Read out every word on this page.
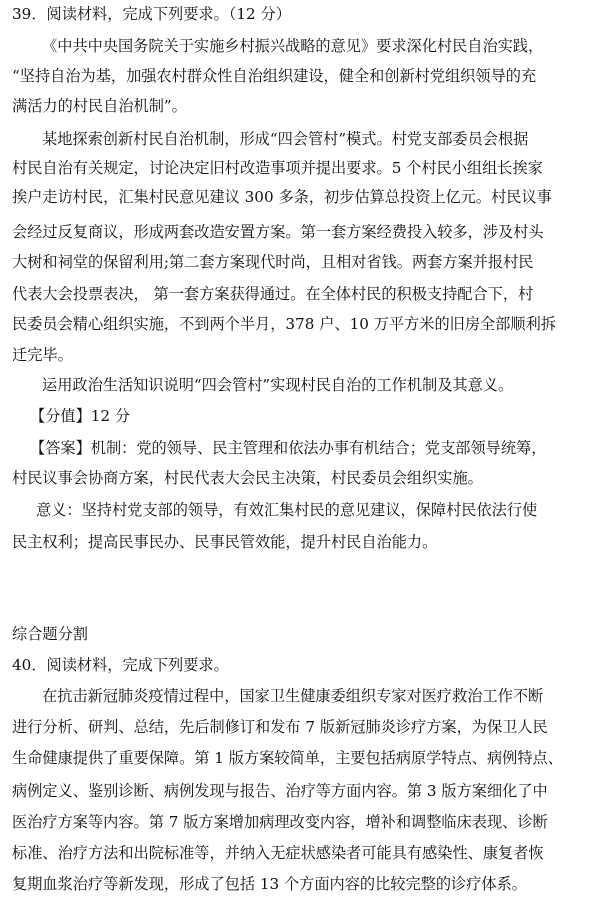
39．阅读材料，完成下列要求。（12 分）
《中共中央国务院关于实施乡村振兴战略的意见》要求深化村民自治实践，
“坚持自治为基，加强农村群众性自治组织建设，健全和创新村党组织领导的充
满活力的村民自治机制”。
某地探索创新村民自治机制，形成“四会管村”模式。村党支部委员会根据
村民自治有关规定，讨论决定旧村改造事项并提出要求。5 个村民小组组长挨家
挨户走访村民，汇集村民意见建议 300 多条，初步估算总投资上亿元。村民议事
会经过反复商议，形成两套改造安置方案。第一套方案经费投入较多，涉及村头
大树和祠堂的保留利用;第二套方案现代时尚，且相对省钱。两套方案并报村民
代表大会投票表决， 第一套方案获得通过。在全体村民的积极支持配合下，村
民委员会精心组织实施，不到两个半月，378 户、10 万平方米的旧房全部顺利拆
迁完毕。
运用政治生活知识说明“四会管村”实现村民自治的工作机制及其意义。
【分值】12 分
【答案】机制：党的领导、民主管理和依法办事有机结合；党支部领导统筹，
村民议事会协商方案，村民代表大会民主决策，村民委员会组织实施。
意义：坚持村党支部的领导，有效汇集村民的意见建议，保障村民依法行使
民主权利；提高民事民办、民事民管效能，提升村民自治能力。
综合题分割
40．阅读材料，完成下列要求。
在抗击新冠肺炎疫情过程中，国家卫生健康委组织专家对医疗救治工作不断
进行分析、研判、总结，先后制修订和发布 7 版新冠肺炎诊疗方案，为保卫人民
生命健康提供了重要保障。第 1 版方案较简单，主要包括病原学特点、病例特点、
病例定义、鉴别诊断、病例发现与报告、治疗等方面内容。第 3 版方案细化了中
医治疗方案等内容。第 7 版方案增加病理改变内容，增补和调整临床表现、诊断
标准、治疗方法和出院标准等，并纳入无症状感染者可能具有感染性、康复者恢
复期血浆治疗等新发现，形成了包括 13 个方面内容的比较完整的诊疗体系。
